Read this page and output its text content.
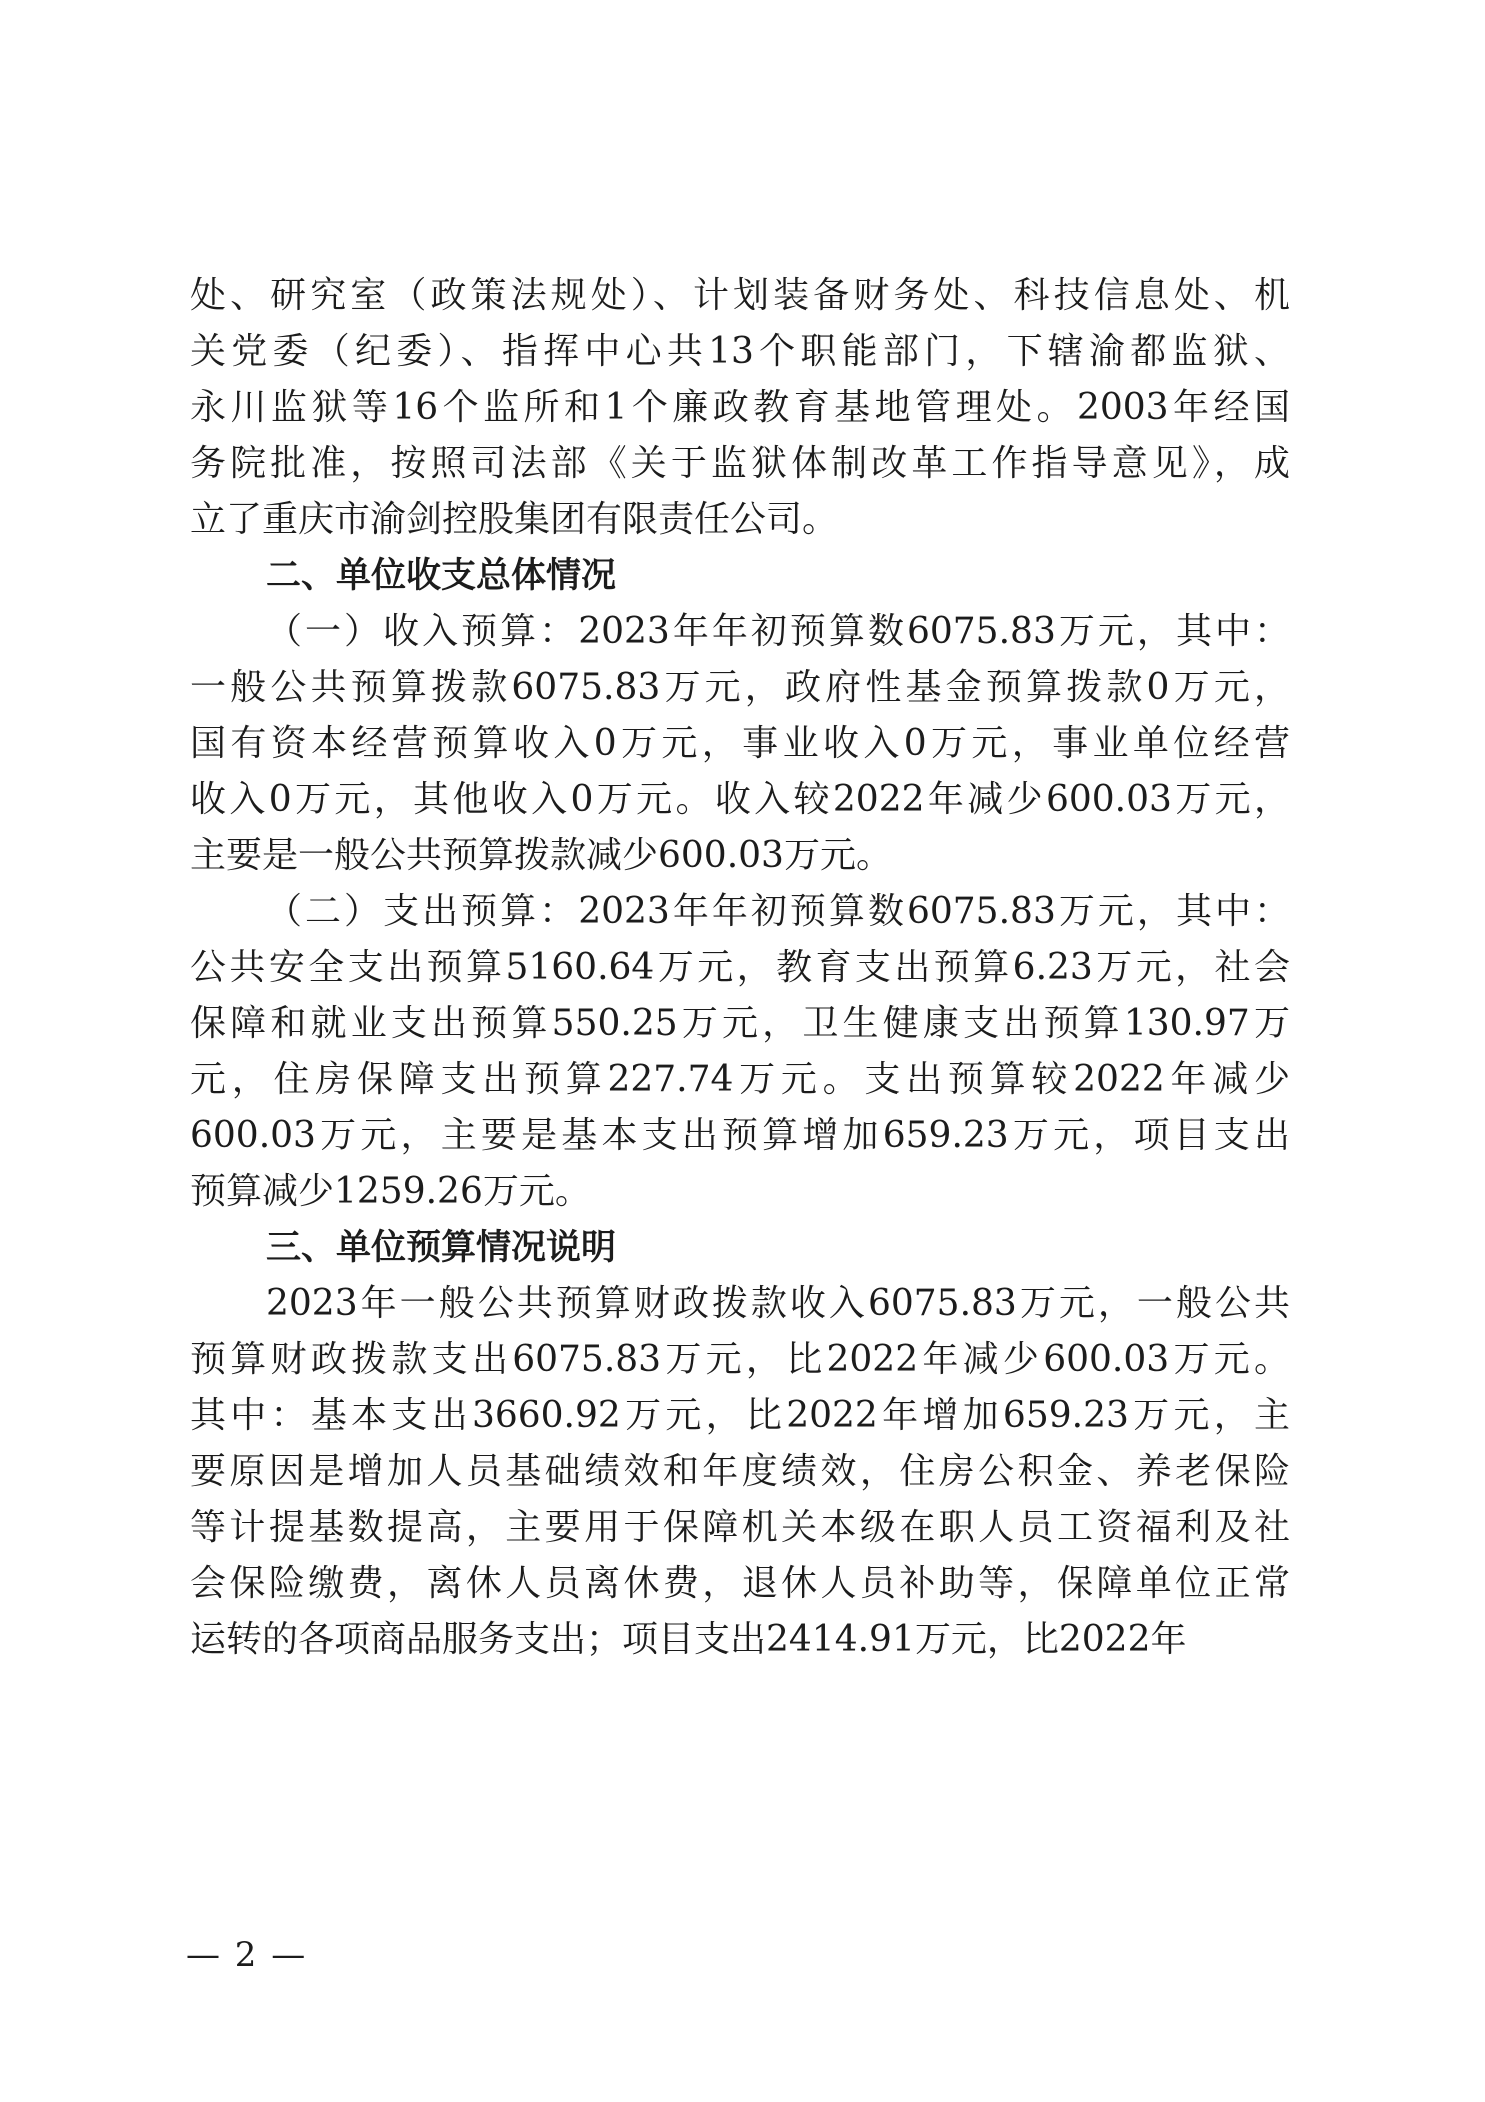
处、研究室（政策法规处）、计划装备财务处、科技信息处、机
关党委（纪委）、指挥中心共13个职能部门，下辖渝都监狱、
永川监狱等16个监所和1个廉政教育基地管理处。2003年经国
务院批准，按照司法部《关于监狱体制改革工作指导意见》，成
立了重庆市渝剑控股集团有限责任公司。
二、单位收支总体情况
（一）收入预算：2023年年初预算数6075.83万元，其中：
一般公共预算拨款6075.83万元，政府性基金预算拨款0万元，
国有资本经营预算收入0万元，事业收入0万元，事业单位经营
收入0万元，其他收入0万元。收入较2022年减少600.03万元，
主要是一般公共预算拨款减少600.03万元。
（二）支出预算：2023年年初预算数6075.83万元，其中：
公共安全支出预算5160.64万元，教育支出预算6.23万元，社会
保障和就业支出预算550.25万元，卫生健康支出预算130.97万
元，住房保障支出预算227.74万元。支出预算较2022年减少
600.03万元，主要是基本支出预算增加659.23万元，项目支出
预算减少1259.26万元。
三、单位预算情况说明
2023年一般公共预算财政拨款收入6075.83万元，一般公共
预算财政拨款支出6075.83万元，比2022年减少600.03万元。
其中：基本支出3660.92万元，比2022年增加659.23万元，主
要原因是增加人员基础绩效和年度绩效，住房公积金、养老保险
等计提基数提高，主要用于保障机关本级在职人员工资福利及社
会保险缴费，离休人员离休费，退休人员补助等，保障单位正常
运转的各项商品服务支出；项目支出2414.91万元，比2022年
— 2 —
